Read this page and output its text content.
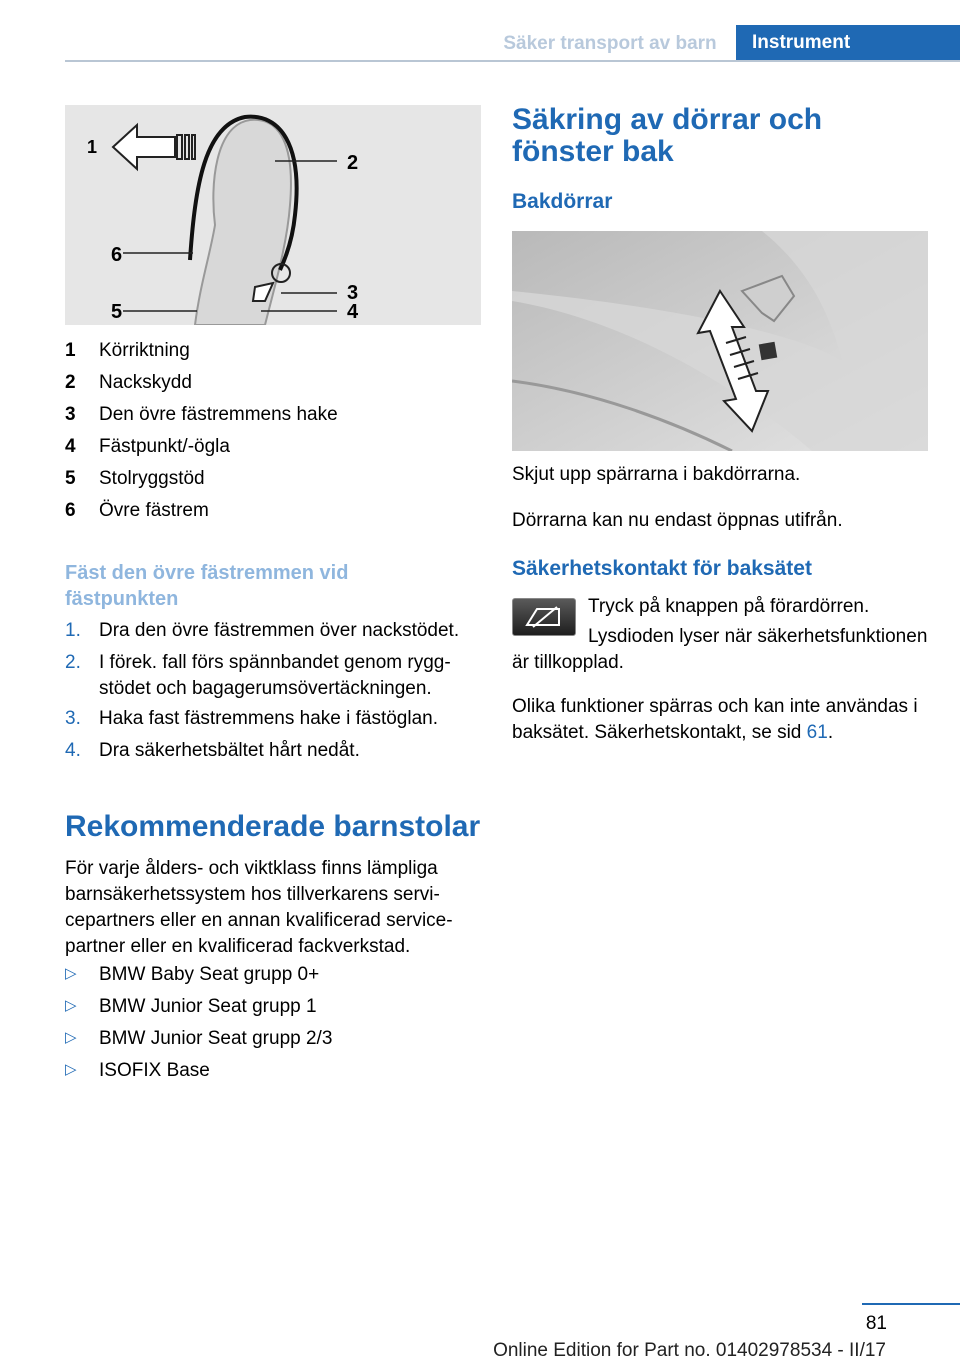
Säker transport av barn	Instrument
1
2
3
4
5
6
1 Körriktning
2 Nackskydd
3 Den övre fästremmens hake
4 Fästpunkt/-ögla
5 Stolryggstöd
6 Övre fästrem
Fäst den övre fästremmen vid fästpunkten
1. Dra den övre fästremmen över nackstödet.
2. I förek. fall förs spännbandet genom ryggstödet och bagagerumsövertäckningen.
3. Haka fast fästremmens hake i fästöglan.
4. Dra säkerhetsbältet hårt nedåt.
Rekommenderade barnstolar
För varje ålders- och viktklass finns lämpliga barnsäkerhetssystem hos tillverkarens servicepartners eller en annan kvalificerad servicepartner eller en kvalificerad fackverkstad.
▷ BMW Baby Seat grupp 0+
▷ BMW Junior Seat grupp 1
▷ BMW Junior Seat grupp 2/3
▷ ISOFIX Base
Säkring av dörrar och fönster bak
Bakdörrar
Skjut upp spärrarna i bakdörrarna.
Dörrarna kan nu endast öppnas utifrån.
Säkerhetskontakt för baksätet
Tryck på knappen på förardörren.
Lysdioden lyser när säkerhetsfunktionen är tillkopplad.
Olika funktioner spärras och kan inte användas i baksätet. Säkerhetskontakt, se sid 61.
81
Online Edition for Part no. 01402978534 - II/17
